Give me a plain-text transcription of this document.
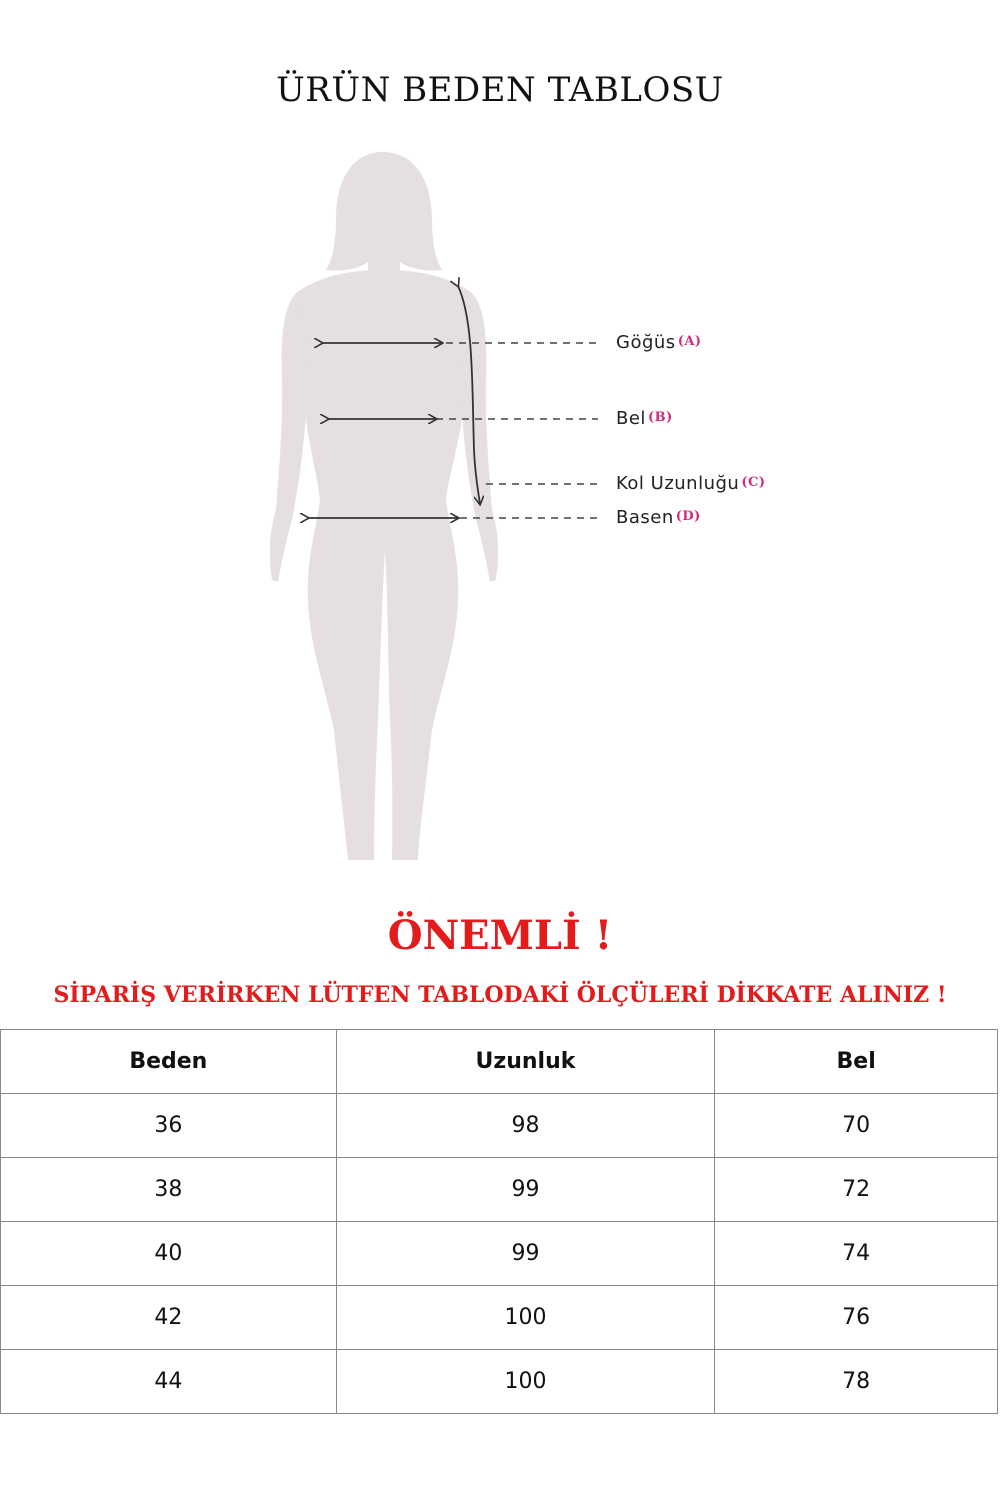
ÜRÜN BEDEN TABLOSU
Göğüs (A)
Bel (B)
Kol Uzunluğu (C)
Basen (D)
ÖNEMLİ !
SİPARİŞ VERİRKEN LÜTFEN TABLODAKİ ÖLÇÜLERİ DİKKATE ALINIZ !
Beden	Uzunluk	Bel
36	98	70
38	99	72
40	99	74
42	100	76
44	100	78
